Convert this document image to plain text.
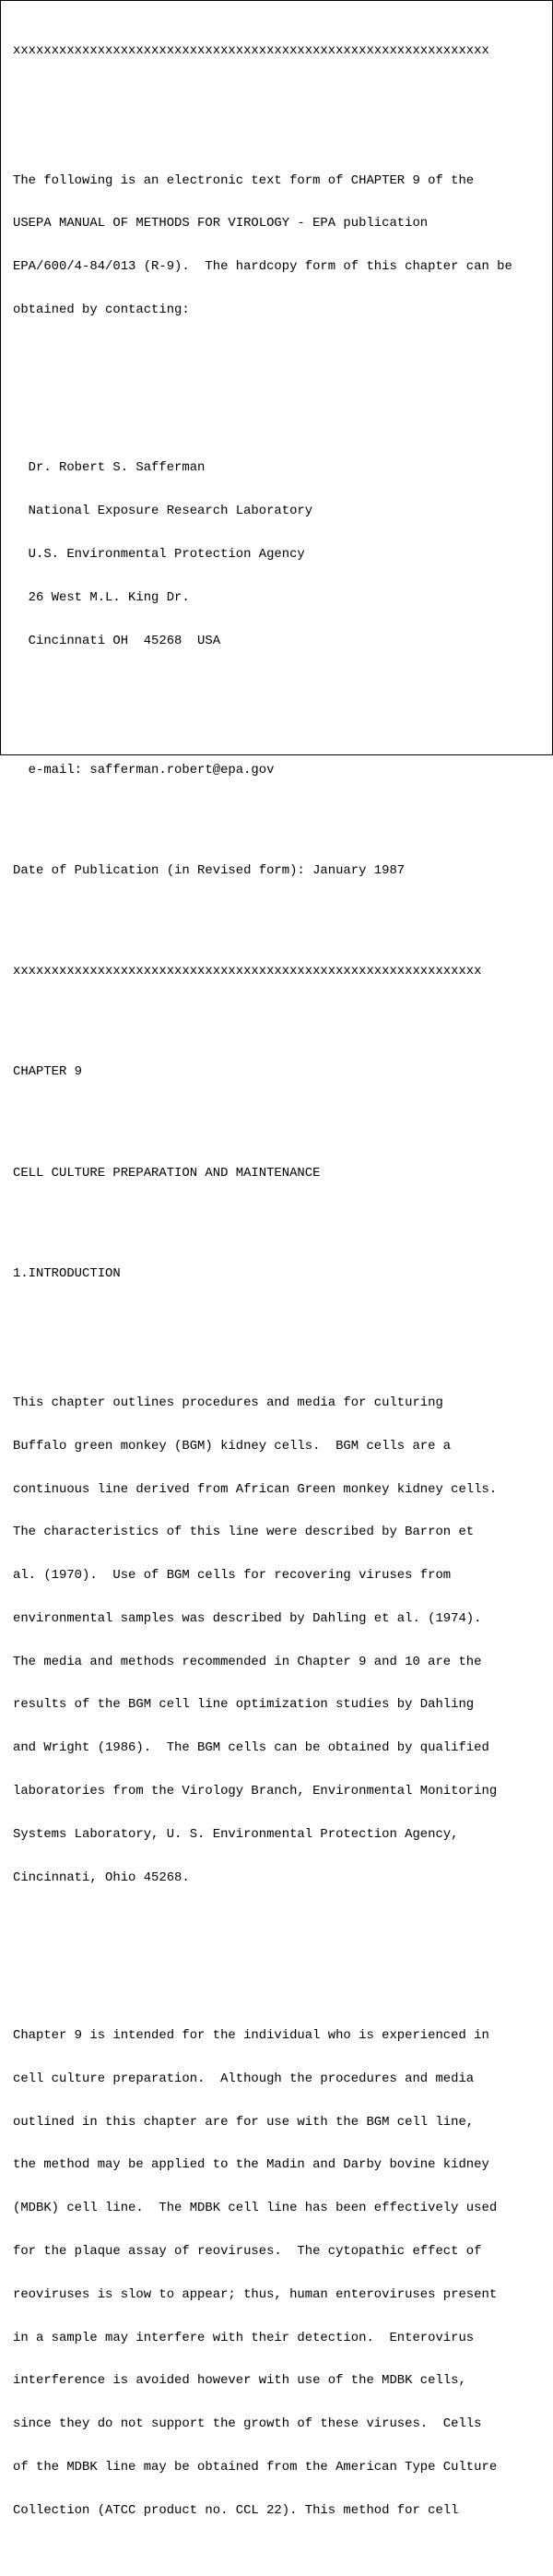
xxxxxxxxxxxxxxxxxxxxxxxxxxxxxxxxxxxxxxxxxxxxxxxxxxxxxxxxxxxxxx

The following is an electronic text form of CHAPTER 9 of the

USEPA MANUAL OF METHODS FOR VIROLOGY - EPA publication

EPA/600/4-84/013 (R-9).  The hardcopy form of this chapter can be

obtained by contacting:

Dr. Robert S. Safferman

National Exposure Research Laboratory

U.S. Environmental Protection Agency

26 West M.L. King Dr.

Cincinnati OH  45268  USA

e-mail: safferman.robert@epa.gov

Date of Publication (in Revised form): January 1987

xxxxxxxxxxxxxxxxxxxxxxxxxxxxxxxxxxxxxxxxxxxxxxxxxxxxxxxxxxxxx

CHAPTER 9

CELL CULTURE PREPARATION AND MAINTENANCE

1.INTRODUCTION

This chapter outlines procedures and media for culturing

Buffalo green monkey (BGM) kidney cells.  BGM cells are a

continuous line derived from African Green monkey kidney cells.

The characteristics of this line were described by Barron et

al. (1970).  Use of BGM cells for recovering viruses from

environmental samples was described by Dahling et al. (1974).

The media and methods recommended in Chapter 9 and 10 are the

results of the BGM cell line optimization studies by Dahling

and Wright (1986).  The BGM cells can be obtained by qualified

laboratories from the Virology Branch, Environmental Monitoring

Systems Laboratory, U. S. Environmental Protection Agency,

Cincinnati, Ohio 45268.

Chapter 9 is intended for the individual who is experienced in

cell culture preparation.  Although the procedures and media

outlined in this chapter are for use with the BGM cell line,

the method may be applied to the Madin and Darby bovine kidney

(MDBK) cell line.  The MDBK cell line has been effectively used

for the plaque assay of reoviruses.  The cytopathic effect of

reoviruses is slow to appear; thus, human enteroviruses present

in a sample may interfere with their detection.  Enterovirus

interference is avoided however with use of the MDBK cells,

since they do not support the growth of these viruses.  Cells

of the MDBK line may be obtained from the American Type Culture

Collection (ATCC product no. CCL 22). This method for cell
